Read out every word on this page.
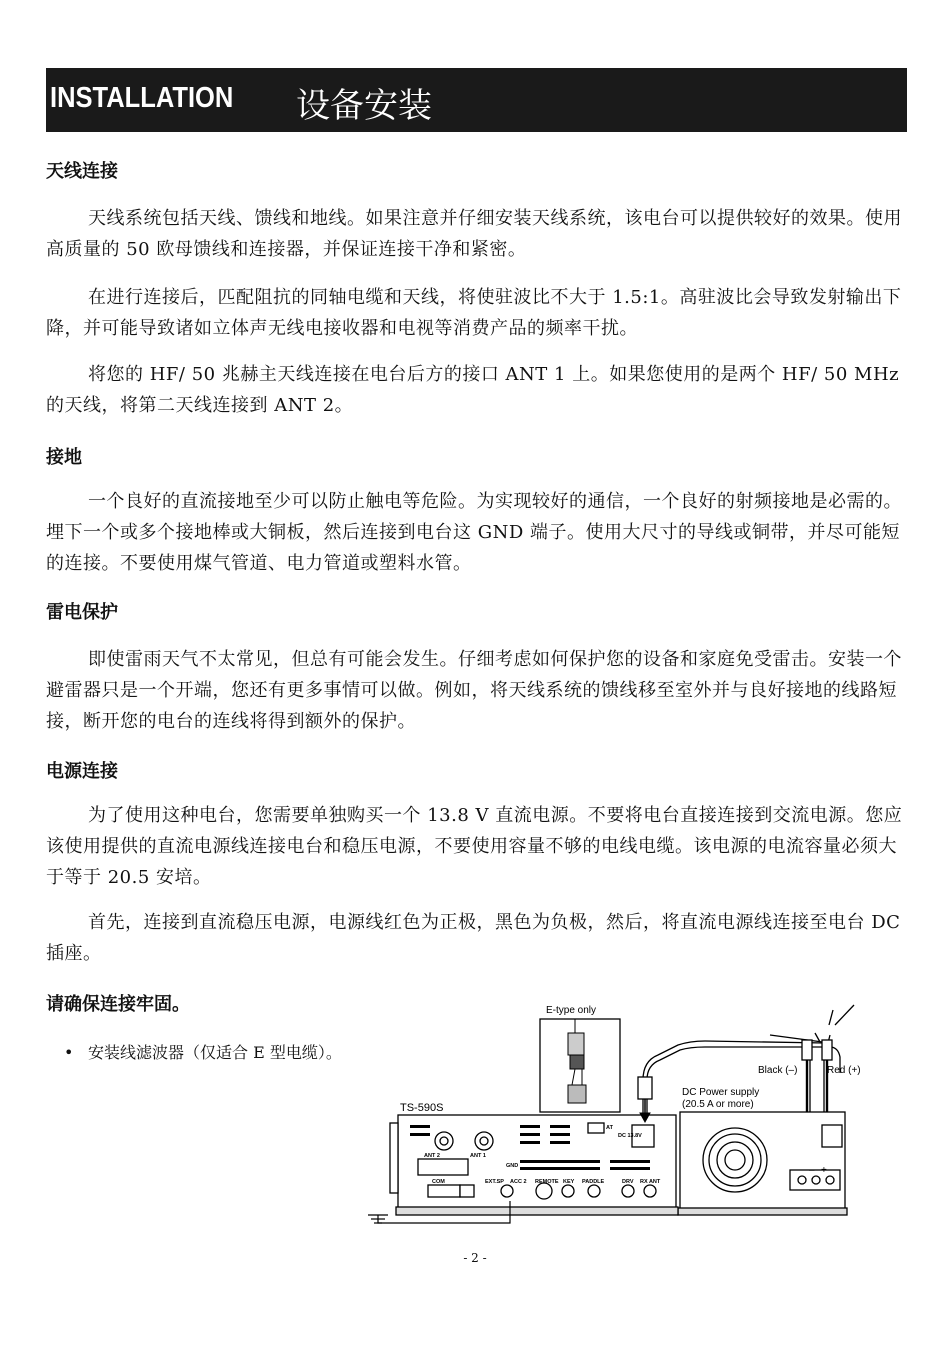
INSTALLATION 设备安装
天线连接

天线系统包括天线、馈线和地线。如果注意并仔细安装天线系统，该电台可以提供较好的效果。使用高质量的 50 欧母馈线和连接器，并保证连接干净和紧密。

在进行连接后，匹配阻抗的同轴电缆和天线，将使驻波比不大于 1.5:1。高驻波比会导致发射输出下降，并可能导致诸如立体声无线电接收器和电视等消费产品的频率干扰。

将您的 HF/ 50 兆赫主天线连接在电台后方的接口 ANT 1 上。如果您使用的是两个 HF/ 50 MHz 的天线，将第二天线连接到 ANT 2。

接地

一个良好的直流接地至少可以防止触电等危险。为实现较好的通信，一个良好的射频接地是必需的。埋下一个或多个接地棒或大铜板，然后连接到电台这 GND 端子。使用大尺寸的导线或铜带，并尽可能短的连接。不要使用煤气管道、电力管道或塑料水管。

雷电保护

即使雷雨天气不太常见，但总有可能会发生。仔细考虑如何保护您的设备和家庭免受雷击。安装一个避雷器只是一个开端，您还有更多事情可以做。例如，将天线系统的馈线移至室外并与良好接地的线路短接，断开您的电台的连线将得到额外的保护。

电源连接

为了使用这种电台，您需要单独购买一个 13.8 V 直流电源。不要将电台直接连接到交流电源。您应该使用提供的直流电源线连接电台和稳压电源，不要使用容量不够的电线电缆。该电源的电流容量必须大于等于 20.5 安培。

首先，连接到直流稳压电源，电源线红色为正极，黑色为负极，然后，将直流电源线连接至电台 DC 插座。

请确保连接牢固。
• 安装线滤波器（仅适合 E 型电缆）。
E-type only
Black (–)	Red (+)
DC Power supply
(20.5 A or more)
– +
TS-590S
ANT 2	ANT 1
GND
COM	EXT.SP ACC 2 REMOTE KEY PADDLE	DRV RX ANT
AT
DC 13.8V
- 2 -
